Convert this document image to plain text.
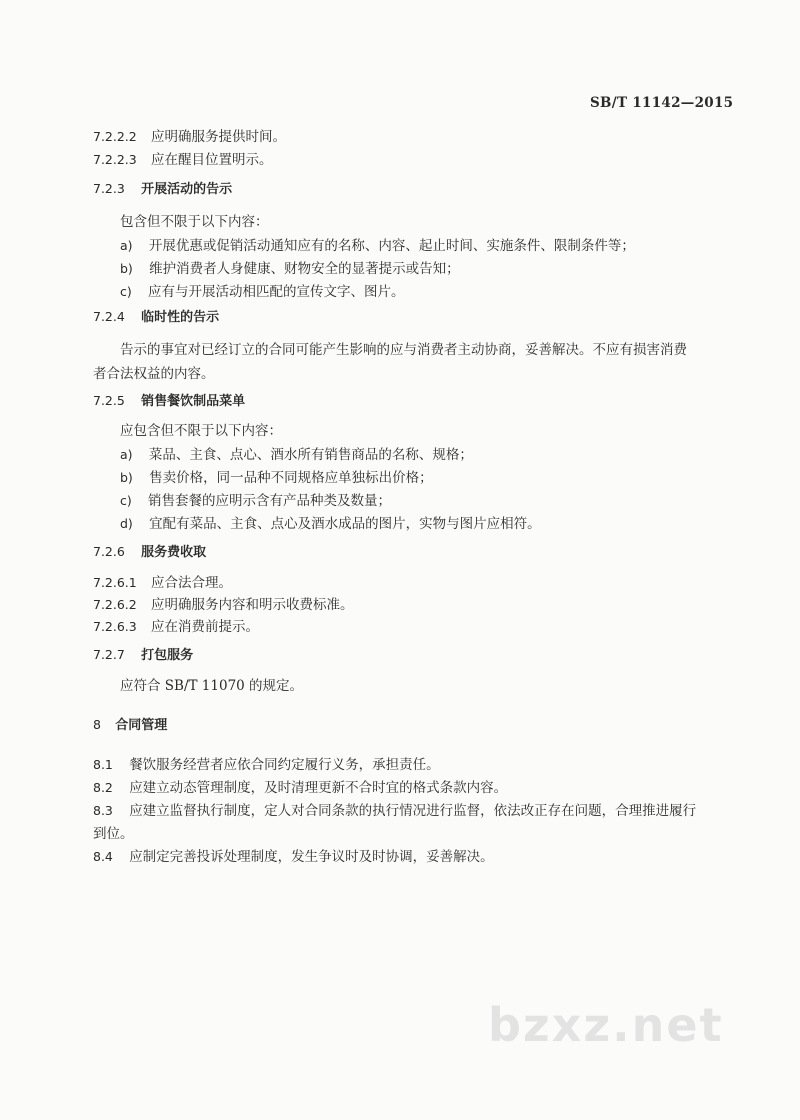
SB/T 11142—2015
7.2.2.2 应明确服务提供时间。
7.2.2.3 应在醒目位置明示。
7.2.3 开展活动的告示
包含但不限于以下内容：
a) 开展优惠或促销活动通知应有的名称、内容、起止时间、实施条件、限制条件等；
b) 维护消费者人身健康、财物安全的显著提示或告知；
c) 应有与开展活动相匹配的宣传文字、图片。
7.2.4 临时性的告示
告示的事宜对已经订立的合同可能产生影响的应与消费者主动协商，妥善解决。不应有损害消费
者合法权益的内容。
7.2.5 销售餐饮制品菜单
应包含但不限于以下内容：
a) 菜品、主食、点心、酒水所有销售商品的名称、规格；
b) 售卖价格，同一品种不同规格应单独标出价格；
c) 销售套餐的应明示含有产品种类及数量；
d) 宜配有菜品、主食、点心及酒水成品的图片，实物与图片应相符。
7.2.6 服务费收取
7.2.6.1 应合法合理。
7.2.6.2 应明确服务内容和明示收费标准。
7.2.6.3 应在消费前提示。
7.2.7 打包服务
应符合 SB/T 11070 的规定。
8 合同管理
8.1 餐饮服务经营者应依合同约定履行义务，承担责任。
8.2 应建立动态管理制度，及时清理更新不合时宜的格式条款内容。
8.3 应建立监督执行制度，定人对合同条款的执行情况进行监督，依法改正存在问题，合理推进履行
到位。
8.4 应制定完善投诉处理制度，发生争议时及时协调，妥善解决。
bzxz.net
